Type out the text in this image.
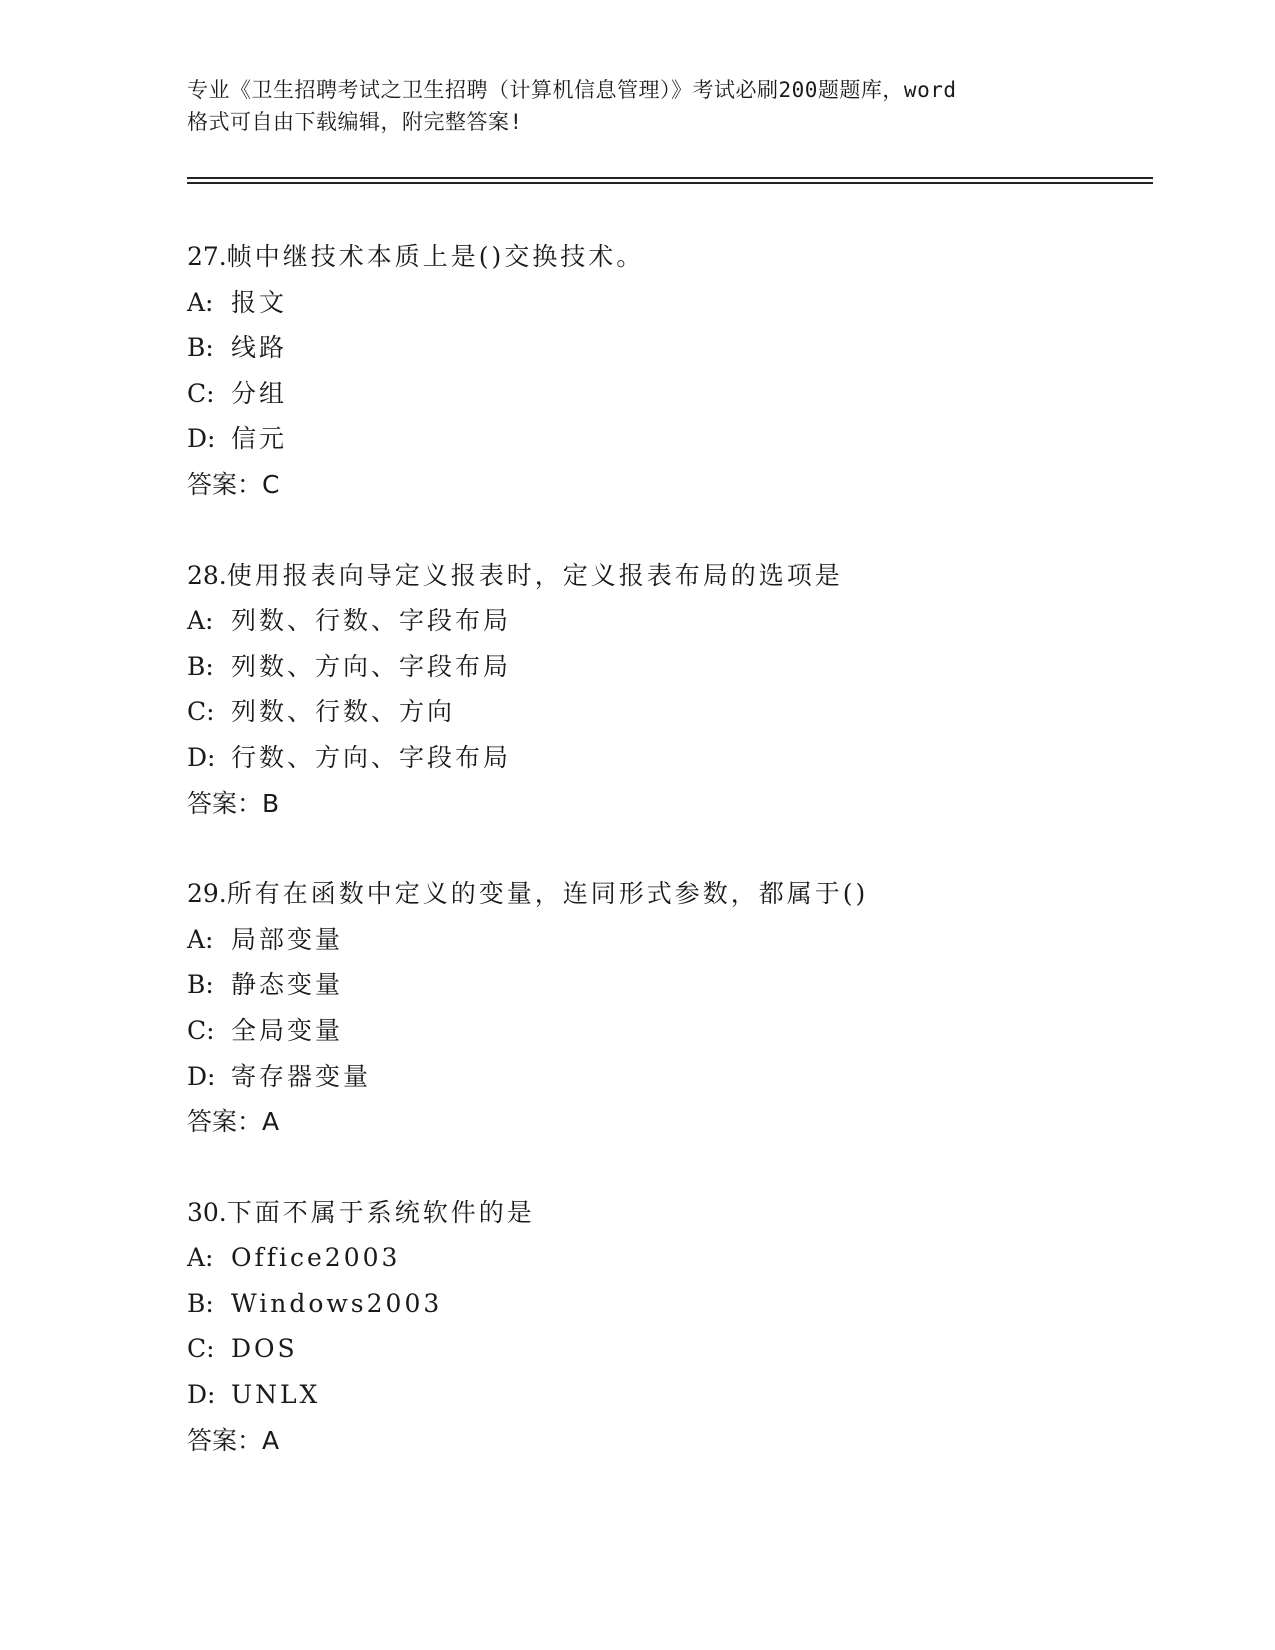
专业《卫生招聘考试之卫生招聘（计算机信息管理）》考试必刷200题题库，word
格式可自由下载编辑，附完整答案!
27.帧中继技术本质上是()交换技术。
A: 报文
B: 线路
C: 分组
D: 信元
答案：C
28.使用报表向导定义报表时，定义报表布局的选项是
A: 列数、行数、字段布局
B: 列数、方向、字段布局
C: 列数、行数、方向
D: 行数、方向、字段布局
答案：B
29.所有在函数中定义的变量，连同形式参数，都属于()
A: 局部变量
B: 静态变量
C: 全局变量
D: 寄存器变量
答案：A
30.下面不属于系统软件的是
A: Office2003
B: Windows2003
C: DOS
D: UNLX
答案：A
